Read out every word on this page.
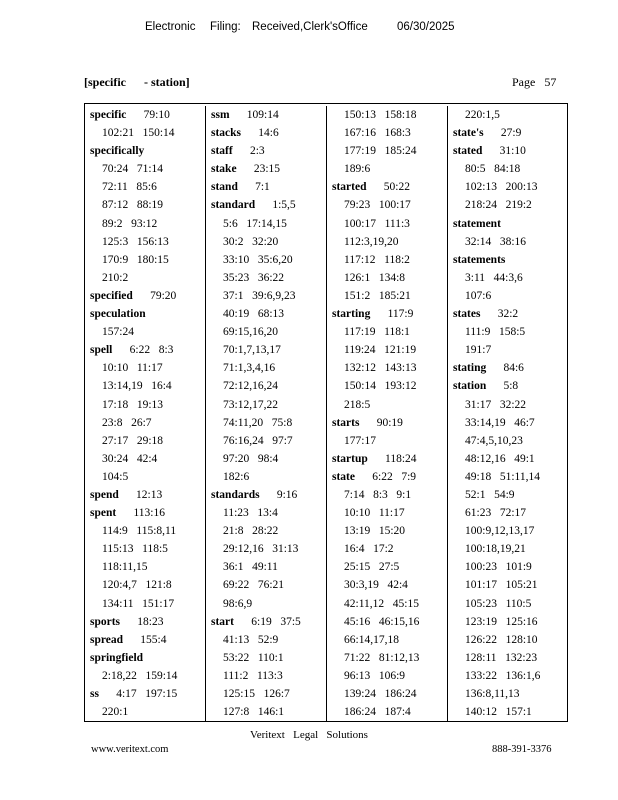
Electronic Filing: Received,Clerk'sOffice	06/30/2025
[specific      - station]	Page   57
specific 79:10
102:21   150:14
specifically
70:24   71:14
72:11   85:6
87:12   88:19
89:2   93:12
125:3   156:13
170:9   180:15
210:2
specified 79:20
speculation
157:24
spell 6:22   8:3
10:10   11:17
13:14,19   16:4
17:18   19:13
23:8   26:7
27:17   29:18
30:24   42:4
104:5
spend 12:13
spent 113:16
114:9   115:8,11
115:13   118:5
118:11,15
120:4,7   121:8
134:11   151:17
sports 18:23
spread 155:4
springfield
2:18,22   159:14
ss 4:17   197:15
220:1
ssm 109:14
stacks 14:6
staff 2:3
stake 23:15
stand 7:1
standard 1:5,5
5:6   17:14,15
30:2   32:20
33:10   35:6,20
35:23   36:22
37:1   39:6,9,23
40:19   68:13
69:15,16,20
70:1,7,13,17
71:1,3,4,16
72:12,16,24
73:12,17,22
74:11,20   75:8
76:16,24   97:7
97:20   98:4
182:6
standards 9:16
11:23   13:4
21:8   28:22
29:12,16   31:13
36:1   49:11
69:22   76:21
98:6,9
start 6:19   37:5
41:13   52:9
53:22   110:1
111:2   113:3
125:15   126:7
127:8   146:1
150:13   158:18
167:16   168:3
177:19   185:24
189:6
started 50:22
79:23   100:17
100:17   111:3
112:3,19,20
117:12   118:2
126:1   134:8
151:2   185:21
starting 117:9
117:19   118:1
119:24   121:19
132:12   143:13
150:14   193:12
218:5
starts 90:19
177:17
startup 118:24
state 6:22   7:9
7:14   8:3   9:1
10:10   11:17
13:19   15:20
16:4   17:2
25:15   27:5
30:3,19   42:4
42:11,12   45:15
45:16   46:15,16
66:14,17,18
71:22   81:12,13
96:13   106:9
139:24   186:24
186:24   187:4
220:1,5
state's 27:9
stated 31:10
80:5   84:18
102:13   200:13
218:24   219:2
statement
32:14   38:16
statements
3:11   44:3,6
107:6
states 32:2
111:9   158:5
191:7
stating 84:6
station 5:8
31:17   32:22
33:14,19   46:7
47:4,5,10,23
48:12,16   49:1
49:18   51:11,14
52:1   54:9
61:23   72:17
100:9,12,13,17
100:18,19,21
100:23   101:9
101:17   105:21
105:23   110:5
123:19   125:16
126:22   128:10
128:11   132:23
133:22   136:1,6
136:8,11,13
140:12   157:1
Veritext   Legal   Solutions
www.veritext.com	888-391-3376
